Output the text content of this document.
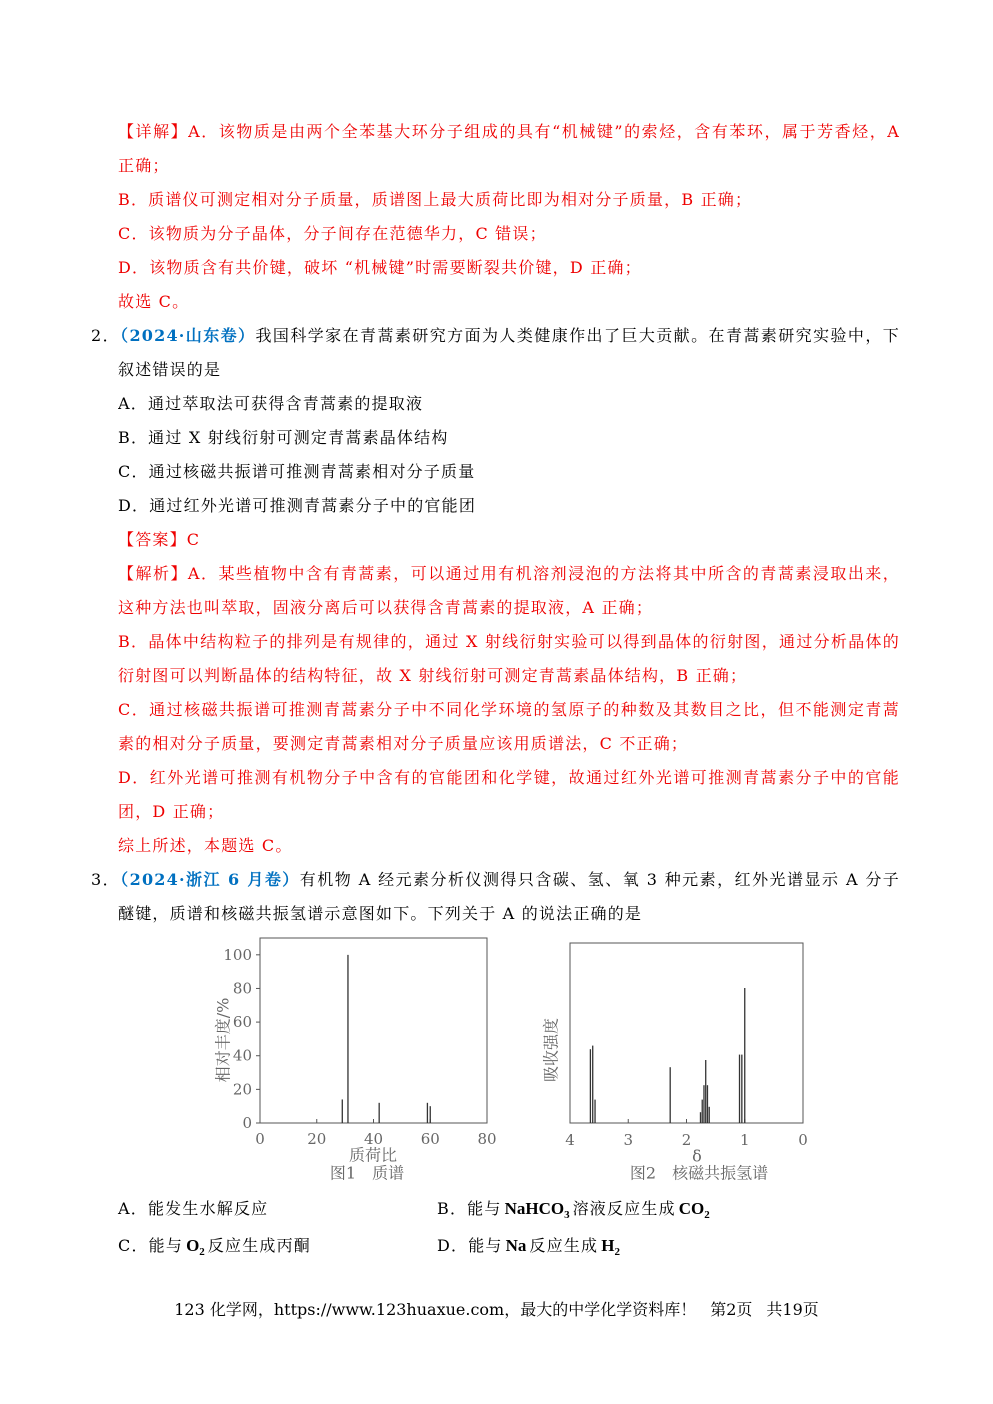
【详解】A．该物质是由两个全苯基大环分子组成的具有“机械键”的索烃，含有苯环，属于芳香烃，A
正确；
B．质谱仪可测定相对分子质量，质谱图上最大质荷比即为相对分子质量，B 正确；
C．该物质为分子晶体，分子间存在范德华力，C 错误；
D．该物质含有共价键，破坏 “机械键”时需要断裂共价键，D 正确；
故选 C。
2．（2024·山东卷）我国科学家在青蒿素研究方面为人类健康作出了巨大贡献。在青蒿素研究实验中，下
叙述错误的是
A．通过萃取法可获得含青蒿素的提取液
B．通过 X 射线衍射可测定青蒿素晶体结构
C．通过核磁共振谱可推测青蒿素相对分子质量
D．通过红外光谱可推测青蒿素分子中的官能团
【答案】C
【解析】A．某些植物中含有青蒿素，可以通过用有机溶剂浸泡的方法将其中所含的青蒿素浸取出来，
这种方法也叫萃取，固液分离后可以获得含青蒿素的提取液，A 正确；
B．晶体中结构粒子的排列是有规律的，通过 X 射线衍射实验可以得到晶体的衍射图，通过分析晶体的
衍射图可以判断晶体的结构特征，故 X 射线衍射可测定青蒿素晶体结构，B 正确；
C．通过核磁共振谱可推测青蒿素分子中不同化学环境的氢原子的种数及其数目之比，但不能测定青蒿
素的相对分子质量，要测定青蒿素相对分子质量应该用质谱法，C 不正确；
D．红外光谱可推测有机物分子中含有的官能团和化学键，故通过红外光谱可推测青蒿素分子中的官能
团，D 正确；
综上所述，本题选 C。
3．（2024·浙江 6 月卷）有机物 A 经元素分析仪测得只含碳、氢、氧 3 种元素，红外光谱显示 A 分子
醚键，质谱和核磁共振氢谱示意图如下。下列关于 A 的说法正确的是
相对丰度/%
0	20	40	60	80
0
20
40
60
80
100
质荷比
图1　质谱
吸收强度
4	3	2	1	0
δ
图2　核磁共振氢谱
A．能发生水解反应	B．能与 NaHCO$_3$ 溶液反应生成 $CO_2$
C．能与 $O_2$ 反应生成丙酮	D．能与 Na 反应生成 $H_2$
123 化学网，https://www.123huaxue.com，最大的中学化学资料库！ 第2页 共19页
